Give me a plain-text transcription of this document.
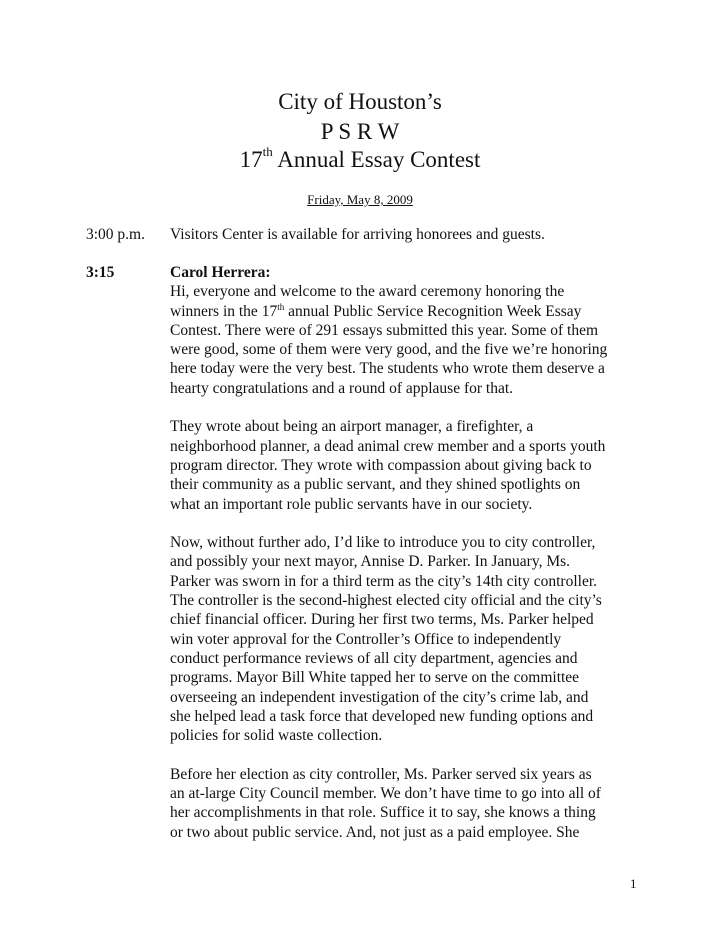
City of Houston’s
P S R W
17th Annual Essay Contest
Friday, May 8, 2009
3:00 p.m. Visitors Center is available for arriving honorees and guests.
3:15	Carol Herrera:
Hi, everyone and welcome to the award ceremony honoring the
winners in the 17th annual Public Service Recognition Week Essay
Contest. There were of 291 essays submitted this year. Some of them
were good, some of them were very good, and the five we’re honoring
here today were the very best. The students who wrote them deserve a
hearty congratulations and a round of applause for that.
They wrote about being an airport manager, a firefighter, a
neighborhood planner, a dead animal crew member and a sports youth
program director. They wrote with compassion about giving back to
their community as a public servant, and they shined spotlights on
what an important role public servants have in our society.
Now, without further ado, I’d like to introduce you to city controller,
and possibly your next mayor, Annise D. Parker. In January, Ms.
Parker was sworn in for a third term as the city’s 14th city controller.
The controller is the second-highest elected city official and the city’s
chief financial officer. During her first two terms, Ms. Parker helped
win voter approval for the Controller’s Office to independently
conduct performance reviews of all city department, agencies and
programs. Mayor Bill White tapped her to serve on the committee
overseeing an independent investigation of the city’s crime lab, and
she helped lead a task force that developed new funding options and
policies for solid waste collection.
Before her election as city controller, Ms. Parker served six years as
an at-large City Council member. We don’t have time to go into all of
her accomplishments in that role. Suffice it to say, she knows a thing
or two about public service. And, not just as a paid employee. She
1
